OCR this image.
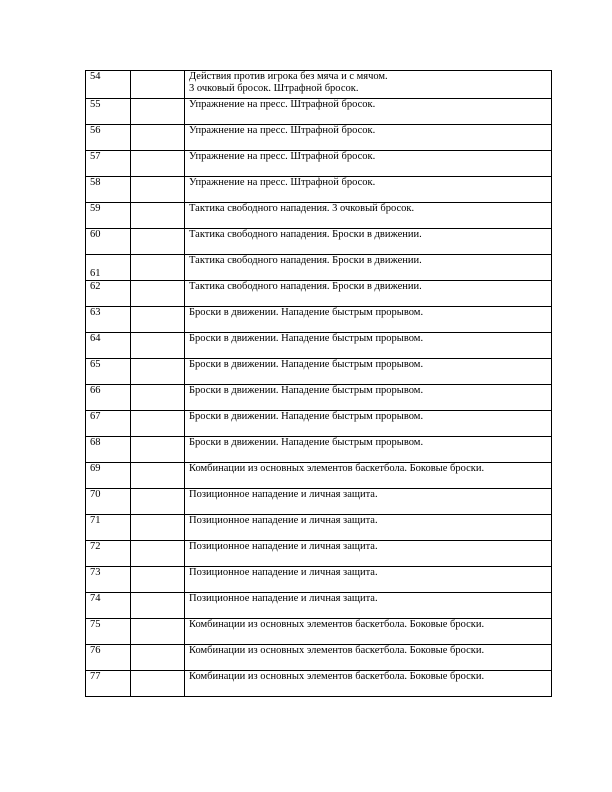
54		Действия против игрока без мяча и с мячом.
3 очковый бросок. Штрафной бросок.

55		Упражнение на пресс. Штрафной бросок.
56		Упражнение на пресс. Штрафной бросок.
57		Упражнение на пресс. Штрафной бросок.
58		Упражнение на пресс. Штрафной бросок.
59		Тактика свободного нападения. 3 очковый бросок.
60		Тактика свободного нападения. Броски в движении.
61		Тактика свободного нападения. Броски в движении.
62		Тактика свободного нападения. Броски в движении.
63		Броски в движении. Нападение быстрым прорывом.
64		Броски в движении. Нападение быстрым прорывом.
65		Броски в движении. Нападение быстрым прорывом.
66		Броски в движении. Нападение быстрым прорывом.
67		Броски в движении. Нападение быстрым прорывом.
68		Броски в движении. Нападение быстрым прорывом.
69		Комбинации из основных элементов баскетбола. Боковые броски.
70		Позиционное нападение и личная защита.
71		Позиционное нападение и личная защита.
72		Позиционное нападение и личная защита.
73		Позиционное нападение и личная защита.
74		Позиционное нападение и личная защита.
75		Комбинации из основных элементов баскетбола. Боковые броски.
76		Комбинации из основных элементов баскетбола. Боковые броски.
77		Комбинации из основных элементов баскетбола. Боковые броски.
